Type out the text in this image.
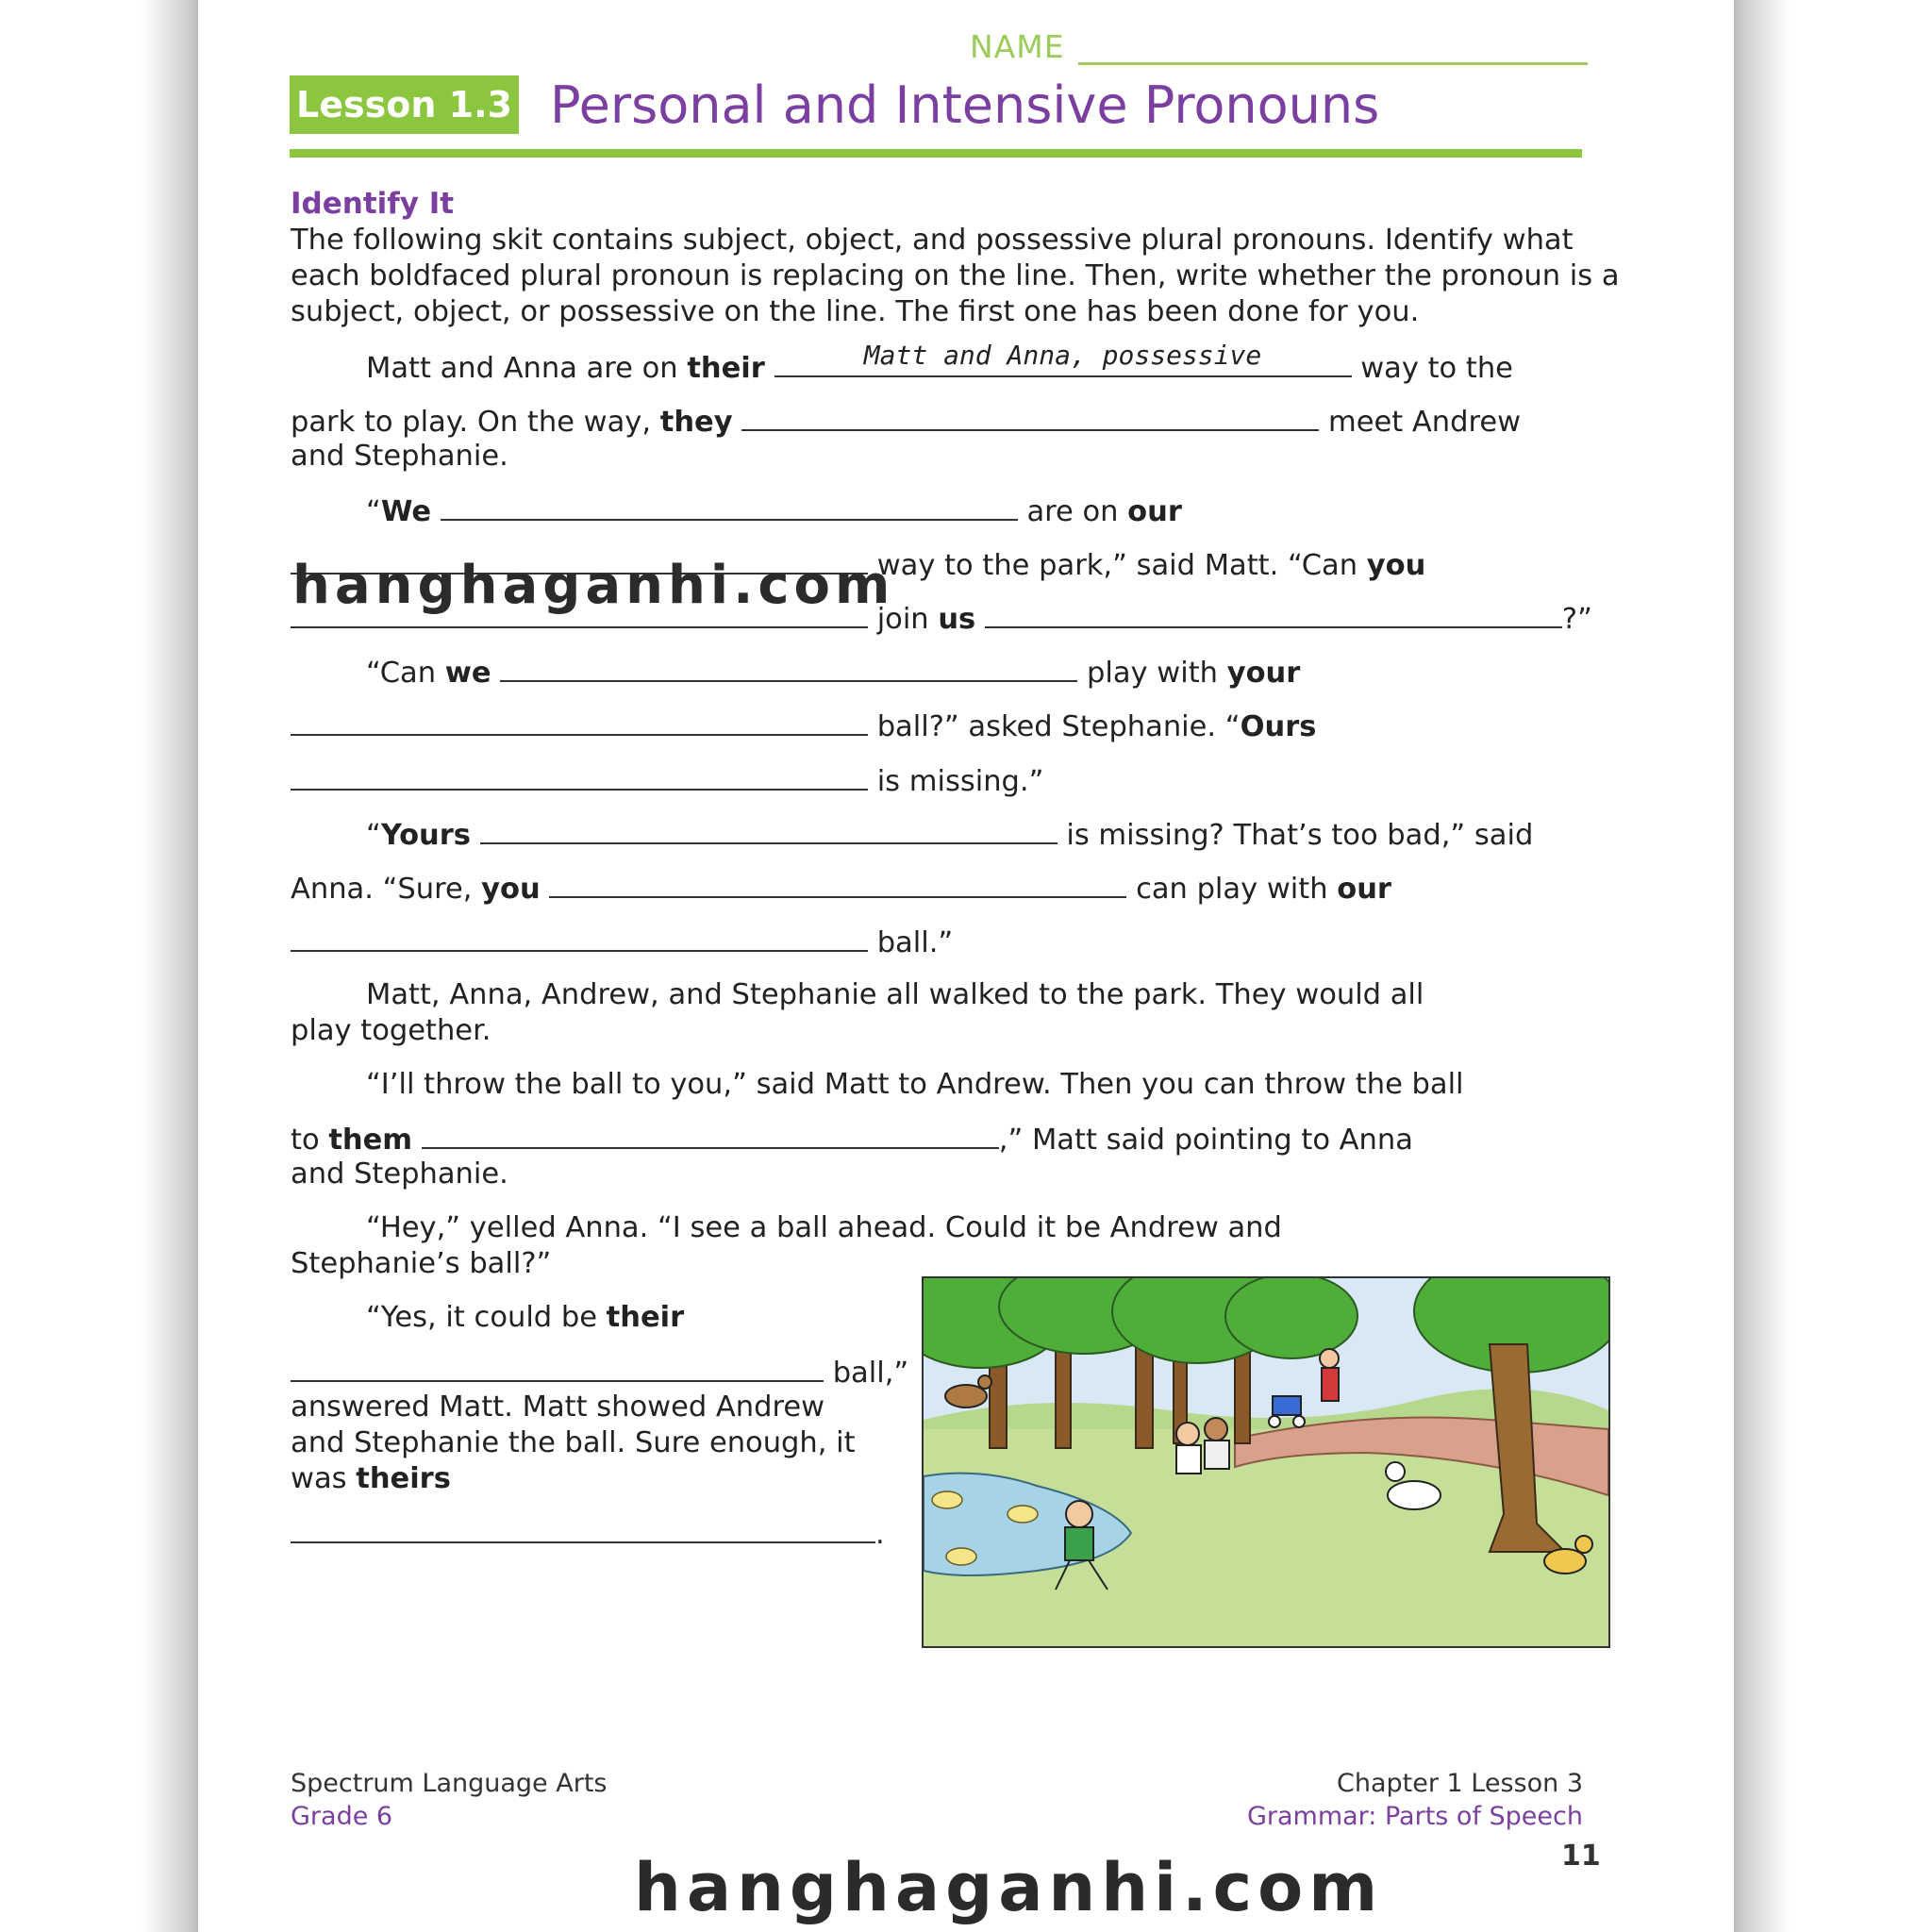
NAME
Lesson 1.3 Personal and Intensive Pronouns
Identify It
The following skit contains subject, object, and possessive plural pronouns. Identify what each boldfaced plural pronoun is replacing on the line. Then, write whether the pronoun is a subject, object, or possessive on the line. The first one has been done for you.
Matt and Anna are on their	Matt and Anna, possessive	way to the
park to play. On the way, they	meet Andrew
and Stephanie.
“We	are on our
way to the park,” said Matt. “Can you
join us	?”
“Can we	play with your
ball?” asked Stephanie. “Ours
is missing.”
“Yours	is missing? That’s too bad,” said
Anna. “Sure, you	can play with our
ball.”
Matt, Anna, Andrew, and Stephanie all walked to the park. They would all
play together.
“I’ll throw the ball to you,” said Matt to Andrew. Then you can throw the ball
to them	,” Matt said pointing to Anna
and Stephanie.
“Hey,” yelled Anna. “I see a ball ahead. Could it be Andrew and
Stephanie’s ball?”
“Yes, it could be their
ball,”
answered Matt. Matt showed Andrew
and Stephanie the ball. Sure enough, it
was theirs
.
hanghaganhi.com
hanghaganhi.com
Spectrum Language Arts
Grade 6
Chapter 1 Lesson 3
Grammar: Parts of Speech
11
